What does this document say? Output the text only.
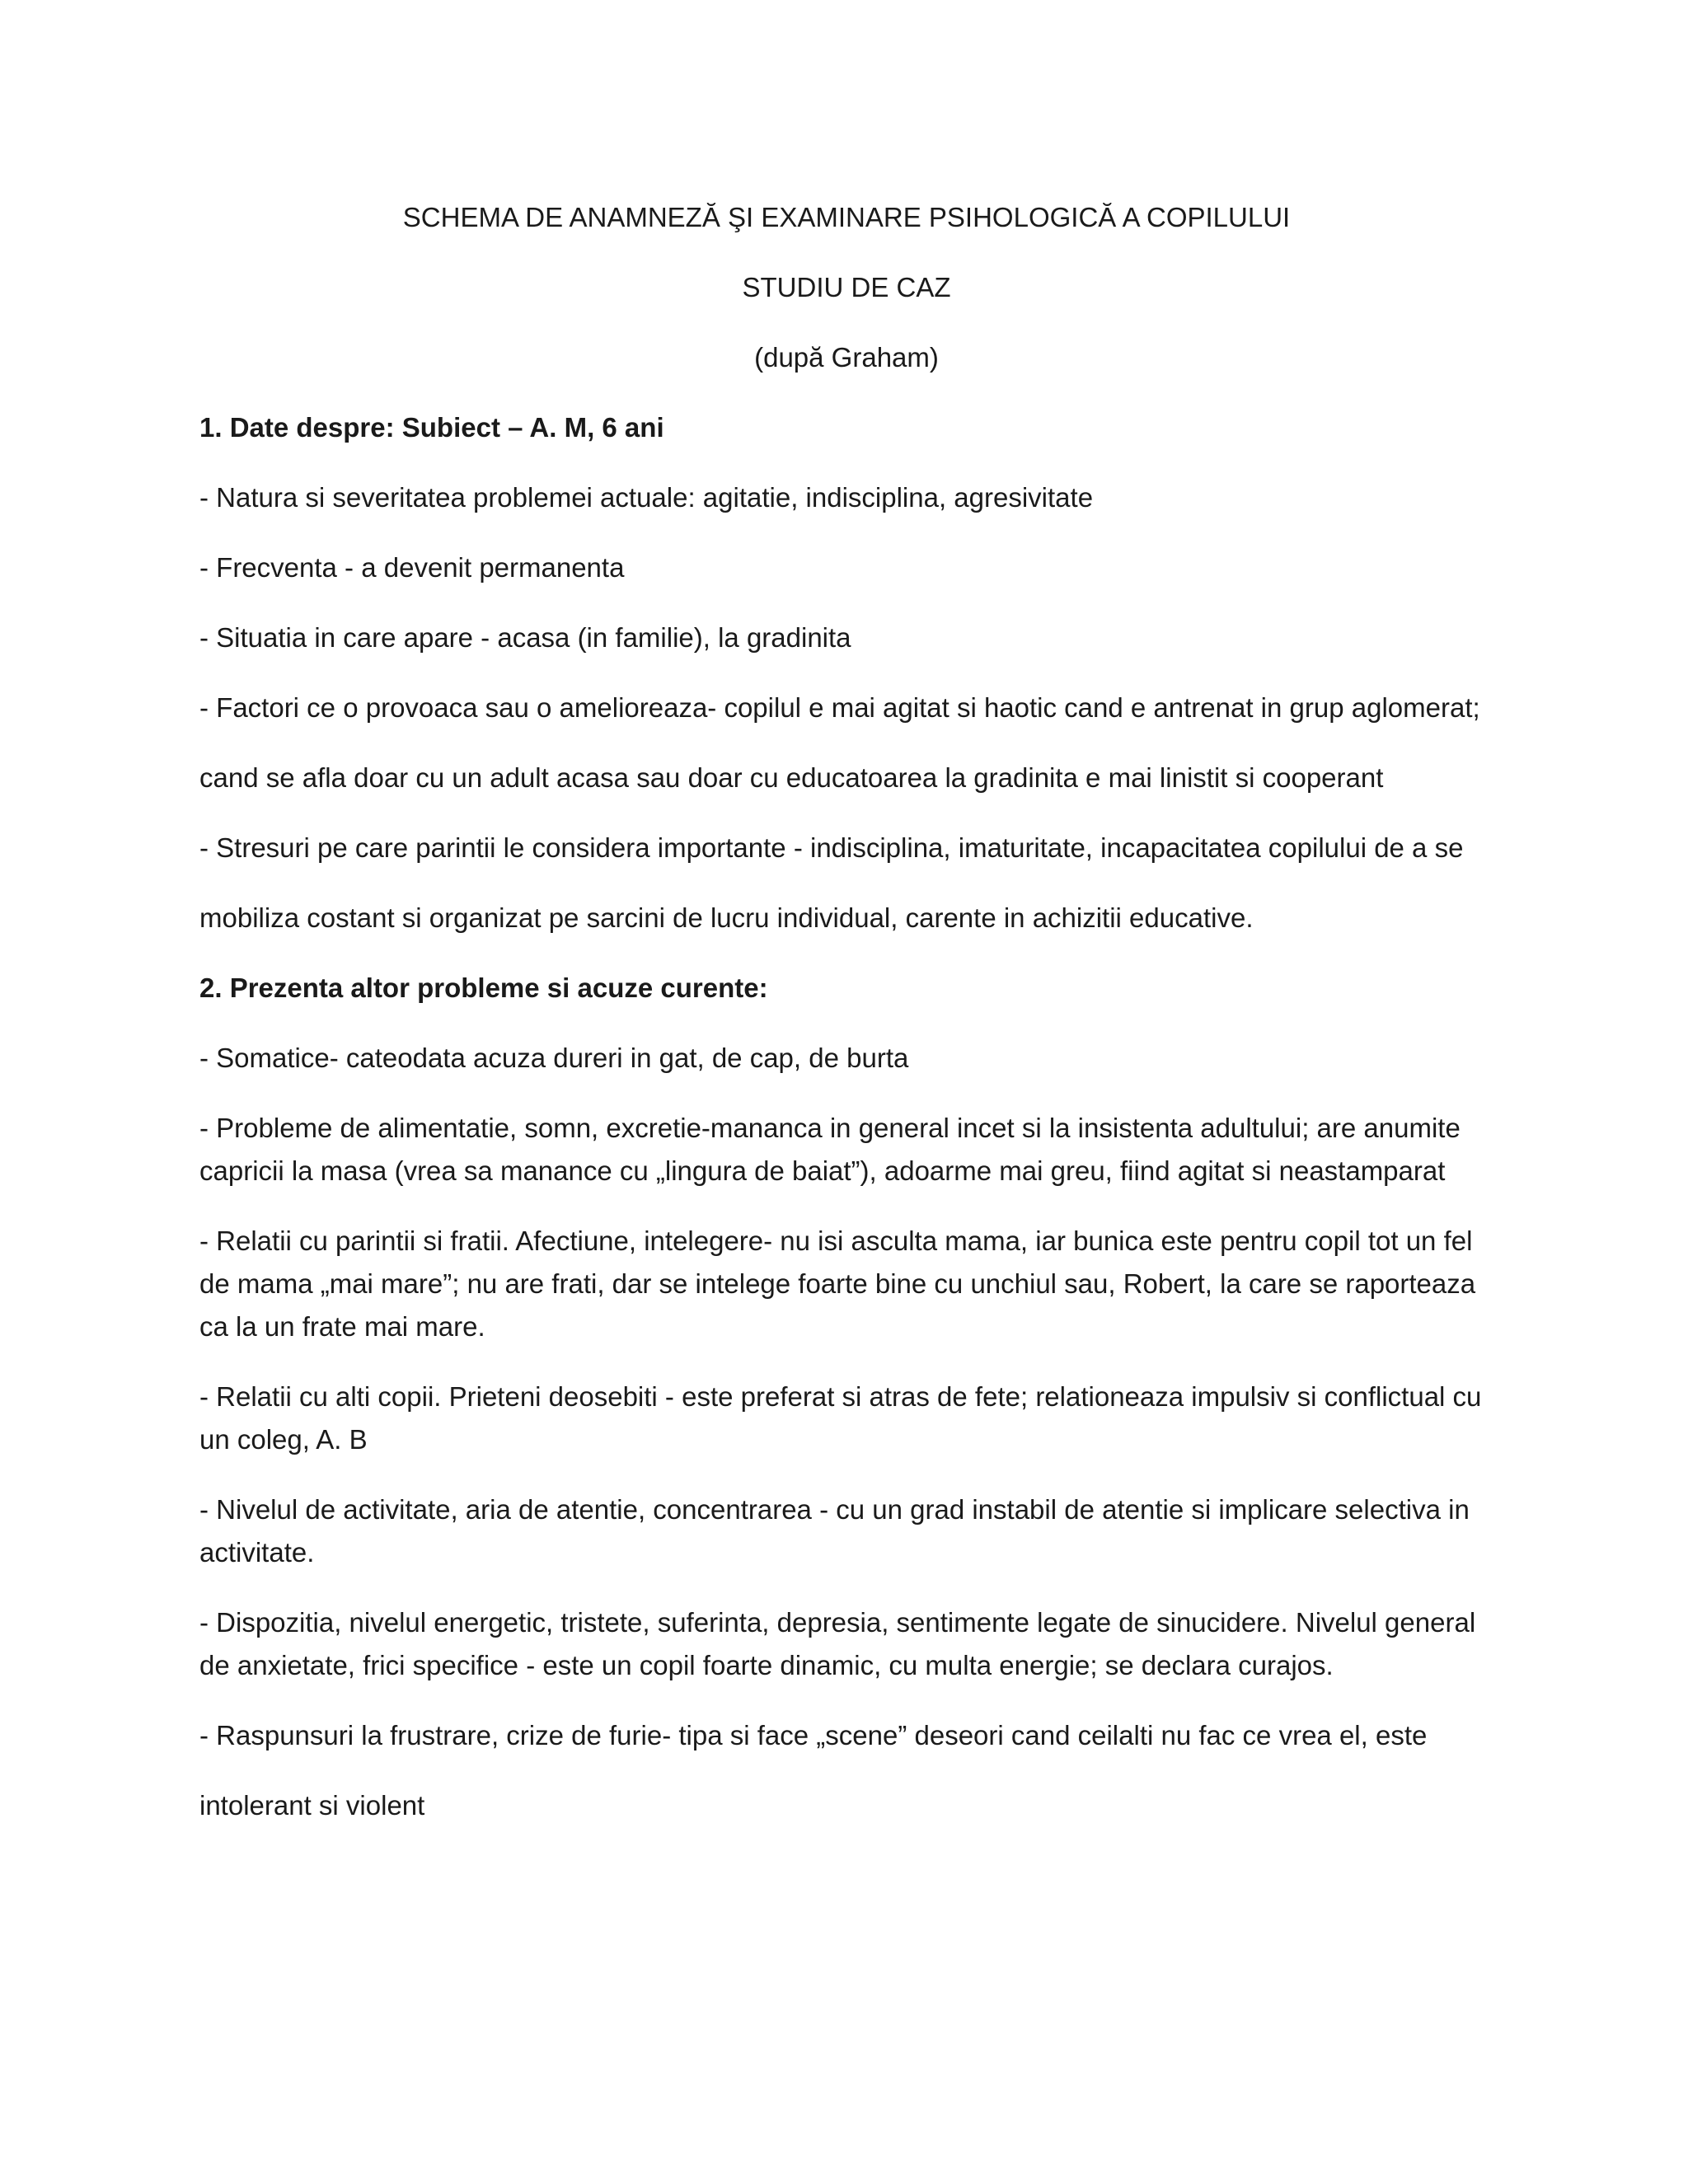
SCHEMA DE ANAMNEZĂ ŞI EXAMINARE PSIHOLOGICĂ A COPILULUI
STUDIU DE CAZ
(după Graham)
1. Date despre: Subiect – A. M, 6 ani
- Natura si severitatea problemei actuale: agitatie, indisciplina, agresivitate
- Frecventa - a devenit permanenta
- Situatia in care apare - acasa (in familie), la gradinita
- Factori ce o provoaca sau o amelioreaza- copilul e mai agitat si haotic cand e antrenat in grup aglomerat;
cand se afla doar cu un adult acasa sau doar cu educatoarea la gradinita e mai linistit si cooperant
- Stresuri pe care parintii le considera importante - indisciplina, imaturitate, incapacitatea copilului de a se
mobiliza costant si organizat pe sarcini de lucru individual, carente in achizitii educative.
2. Prezenta altor probleme si acuze curente:
- Somatice- cateodata acuza dureri in gat, de cap, de burta
- Probleme de alimentatie, somn, excretie-mananca in general incet si la insistenta adultului; are anumite capricii la masa (vrea sa manance cu „lingura de baiat”), adoarme mai greu, fiind agitat si neastamparat
- Relatii cu parintii si fratii. Afectiune, intelegere- nu isi asculta mama, iar bunica este pentru copil tot un fel de mama „mai mare”; nu are frati, dar se intelege foarte bine cu unchiul sau, Robert, la care se raporteaza ca la un frate mai mare.
- Relatii cu alti copii. Prieteni deosebiti - este preferat si atras de fete; relationeaza impulsiv si conflictual cu un coleg, A. B
- Nivelul de activitate, aria de atentie, concentrarea - cu un grad instabil de atentie si implicare selectiva in activitate.
- Dispozitia, nivelul energetic, tristete, suferinta, depresia, sentimente legate de sinucidere. Nivelul general de anxietate, frici specifice - este un copil foarte dinamic, cu multa energie; se declara curajos.
- Raspunsuri la frustrare, crize de furie- tipa si face „scene” deseori cand ceilalti nu fac ce vrea el, este
intolerant si violent
